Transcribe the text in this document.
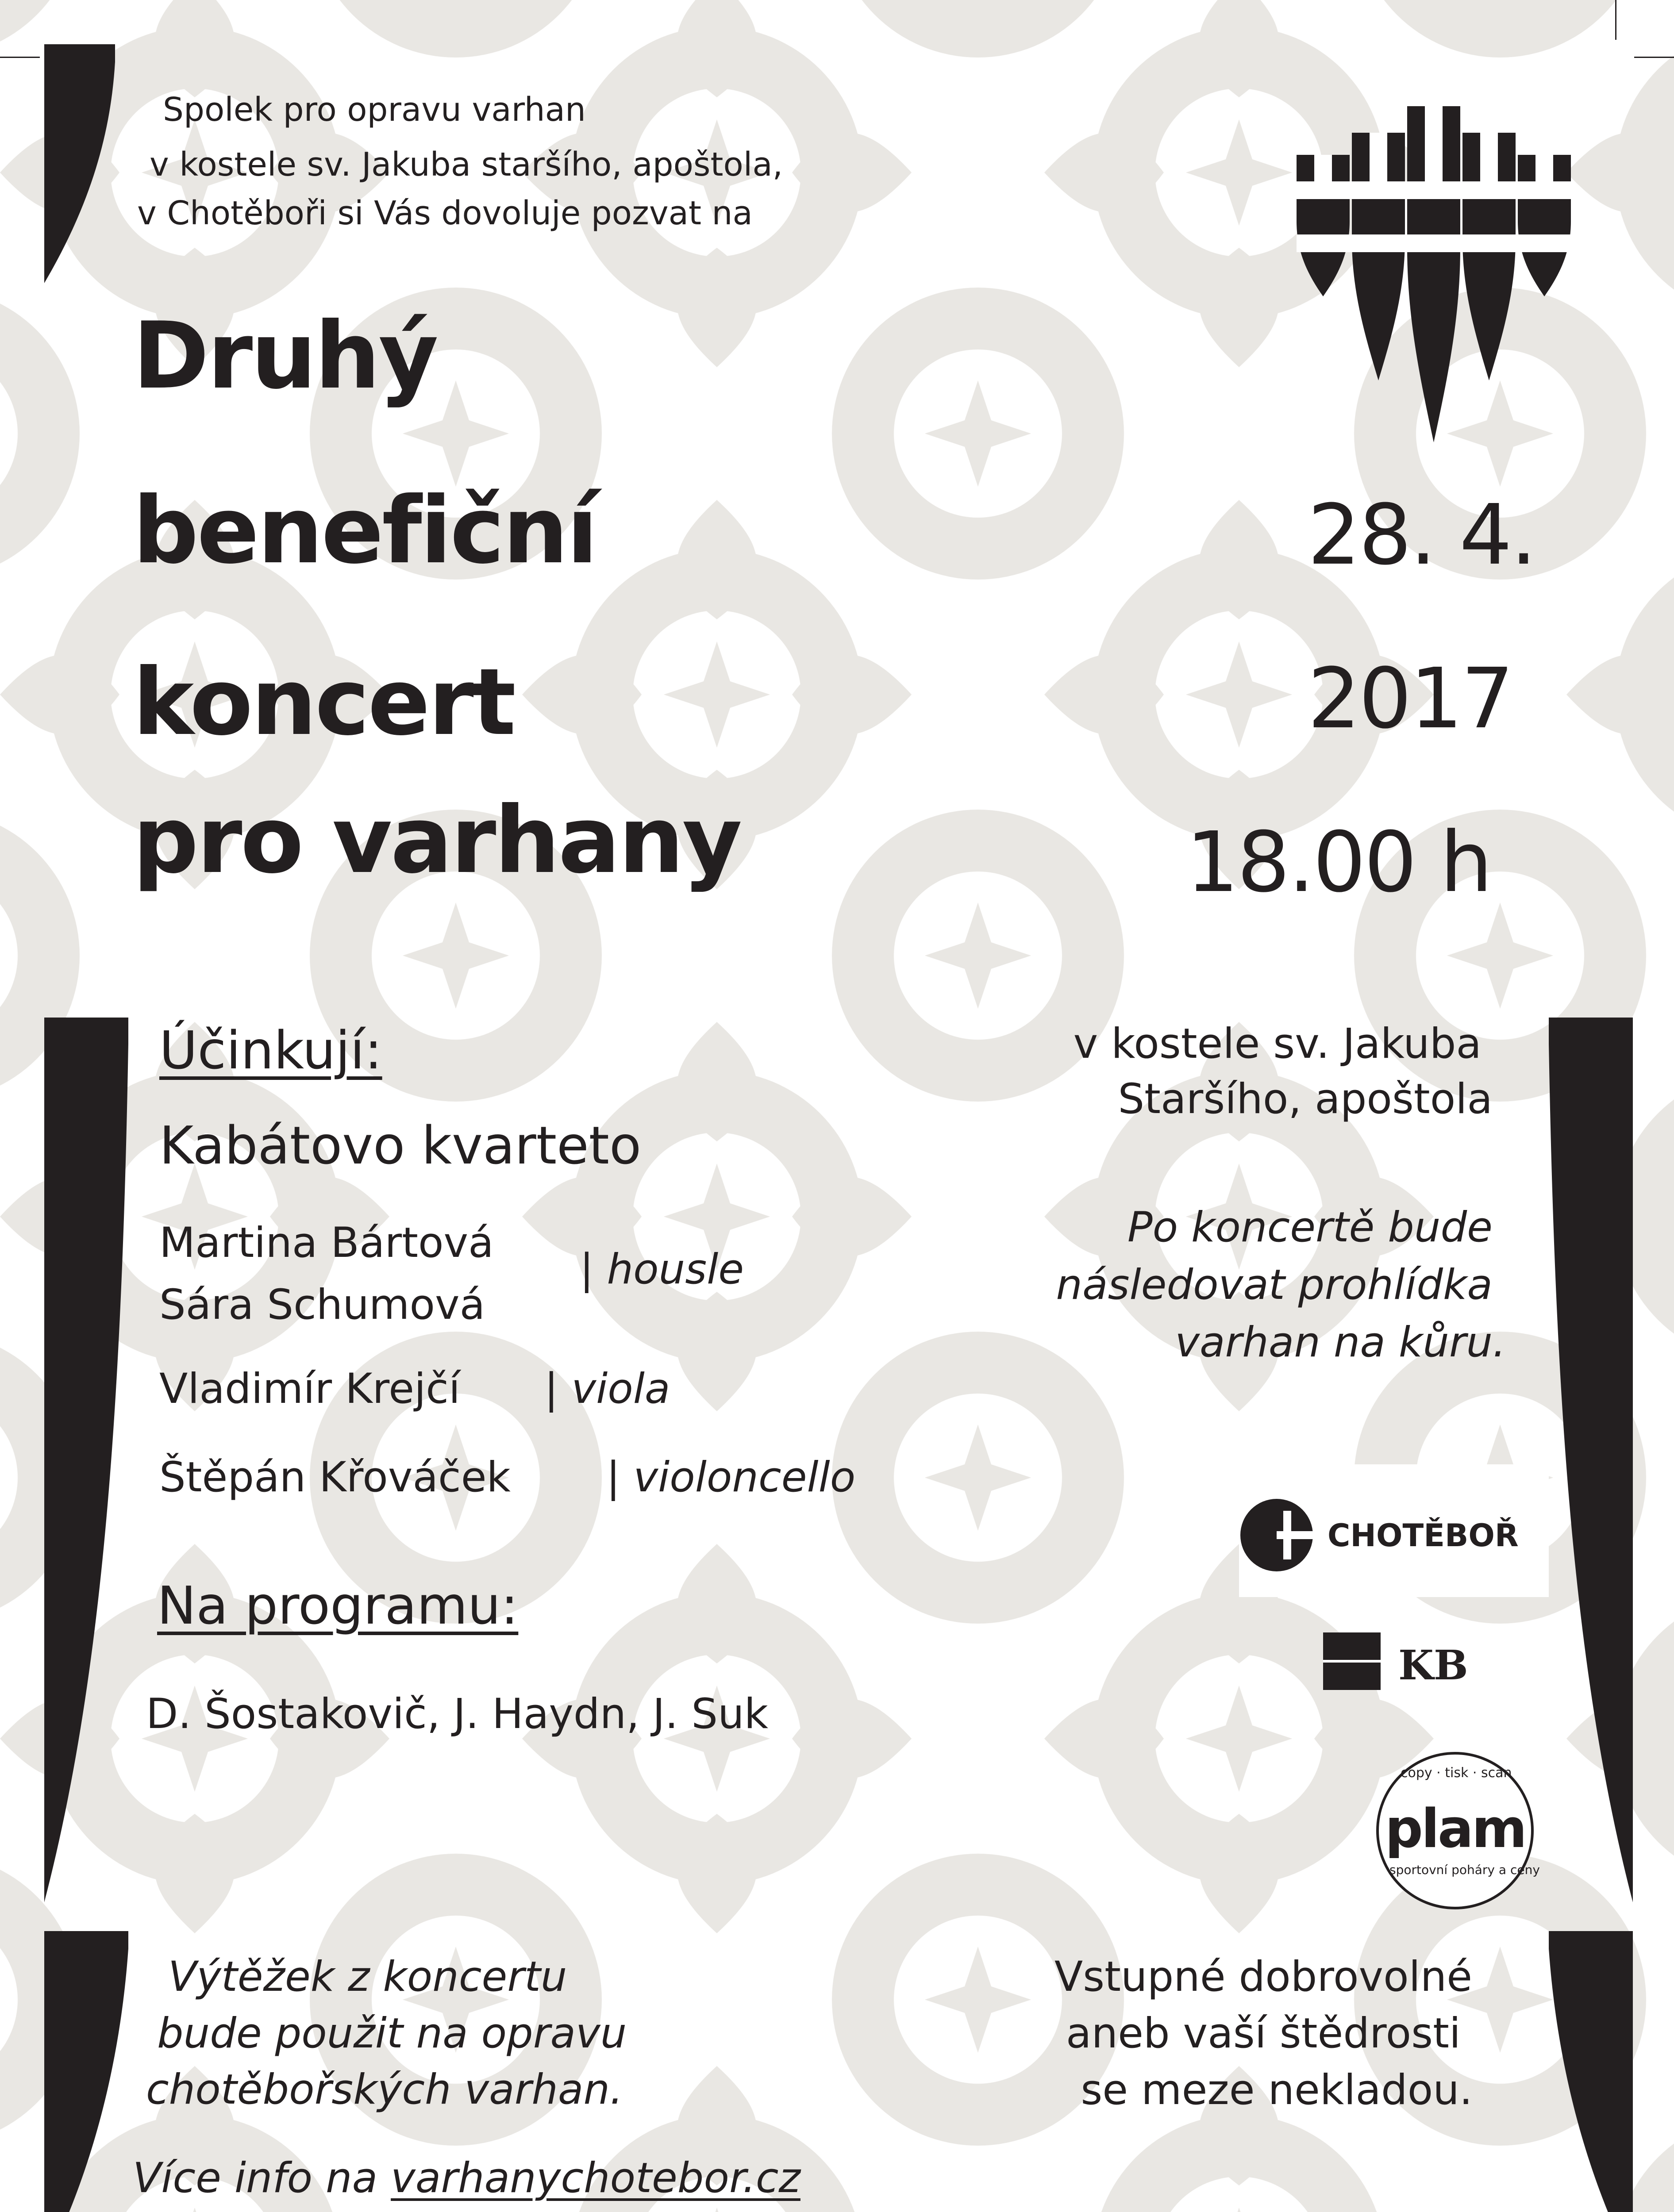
Spolek pro opravu varhan
v kostele sv. Jakuba staršího, apoštola,
v Chotěboři si Vás dovoluje pozvat na
Druhý
benefiční
koncert
pro varhany
28. 4.
2017
18.00 h
Účinkují:
Kabátovo kvarteto
Martina Bártová
Sára Schumová
| housle
Vladimír Krejčí | viola
Štěpán Křováček | violoncello
Na programu:
D. Šostakovič, J. Haydn, J. Suk
v kostele sv. Jakuba
Staršího, apoštola
Po koncertě bude
následovat prohlídka
varhan na kůru.
CHOTĚBOŘ
KB
copy · tisk · scan
plam
sportovní poháry a ceny
Výtěžek z koncertu
bude použit na opravu
chotěbořských varhan.
Více info na varhanychotebor.cz
Vstupné dobrovolné
aneb vaší štědrosti
se meze nekladou.
